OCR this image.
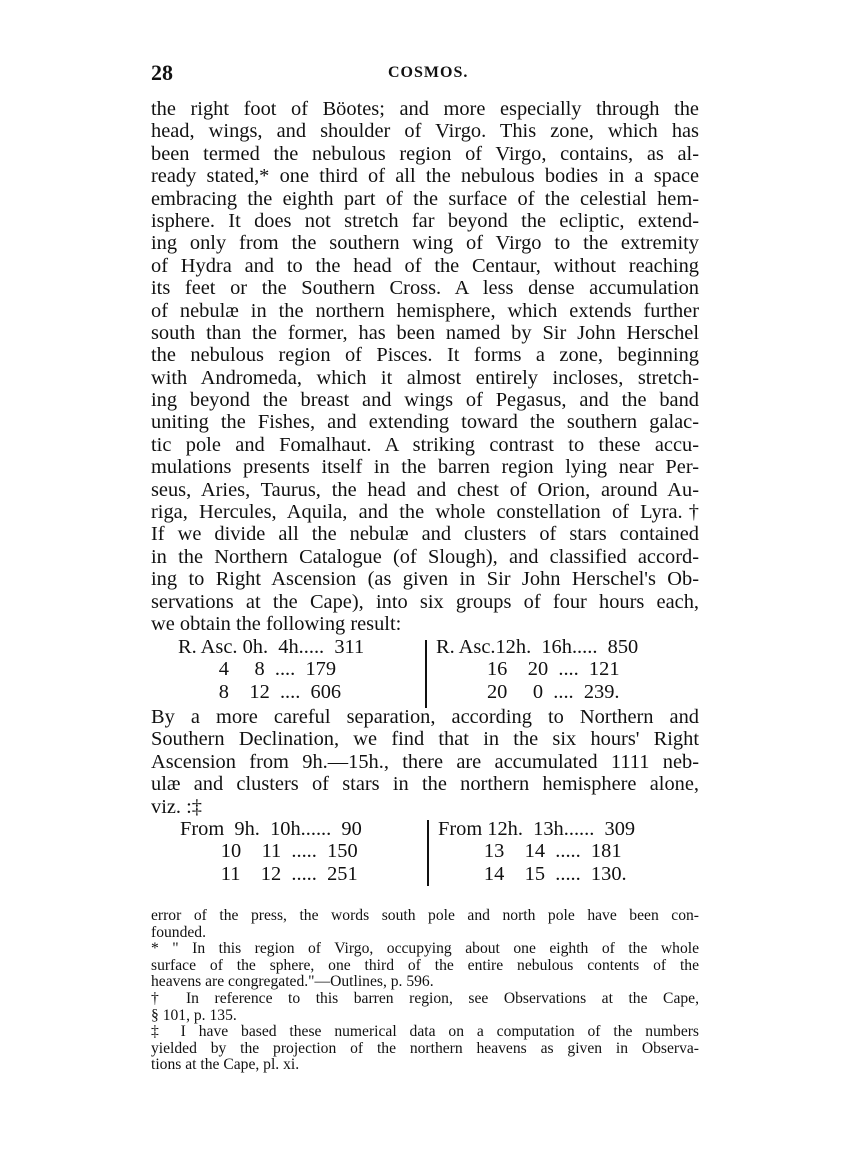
28	COSMOS.
the right foot of Böotes; and more especially through the
head, wings, and shoulder of Virgo. This zone, which has
been termed the nebulous region of Virgo, contains, as al-
ready stated,* one third of all the nebulous bodies in a space
embracing the eighth part of the surface of the celestial hem-
isphere. It does not stretch far beyond the ecliptic, extend-
ing only from the southern wing of Virgo to the extremity
of Hydra and to the head of the Centaur, without reaching
its feet or the Southern Cross. A less dense accumulation
of nebulæ in the northern hemisphere, which extends further
south than the former, has been named by Sir John Herschel
the nebulous region of Pisces. It forms a zone, beginning
with Andromeda, which it almost entirely incloses, stretch-
ing beyond the breast and wings of Pegasus, and the band
uniting the Fishes, and extending toward the southern galac-
tic pole and Fomalhaut. A striking contrast to these accu-
mulations presents itself in the barren region lying near Per-
seus, Aries, Taurus, the head and chest of Orion, around Au-
riga, Hercules, Aquila, and the whole constellation of Lyra.†
If we divide all the nebulæ and clusters of stars contained
in the Northern Catalogue (of Slough), and classified accord-
ing to Right Ascension (as given in Sir John Herschel's Ob-
servations at the Cape), into six groups of four hours each,
we obtain the following result:
R. Asc. 0h.  4h.....  311
4     8  ....  179
8    12  ....  606
R. Asc.12h.  16h.....  850
16    20  ....  121
20     0  ....  239.
By a more careful separation, according to Northern and
Southern Declination, we find that in the six hours' Right
Ascension from 9h.—15h., there are accumulated 1111 neb-
ulæ and clusters of stars in the northern hemisphere alone,
viz. :‡
From  9h.  10h......  90
10    11  .....  150
11    12  .....  251
From 12h.  13h......  309
13    14  .....  181
14    15  .....  130.
error of the press, the words south pole and north pole have been con-
founded.
* " In this region of Virgo, occupying about one eighth of the whole
surface of the sphere, one third of the entire nebulous contents of the
heavens are congregated."—Outlines, p. 596.
† In reference to this barren region, see Observations at the Cape,
§ 101, p. 135.
‡ I have based these numerical data on a computation of the numbers
yielded by the projection of the northern heavens as given in Observa-
tions at the Cape, pl. xi.
